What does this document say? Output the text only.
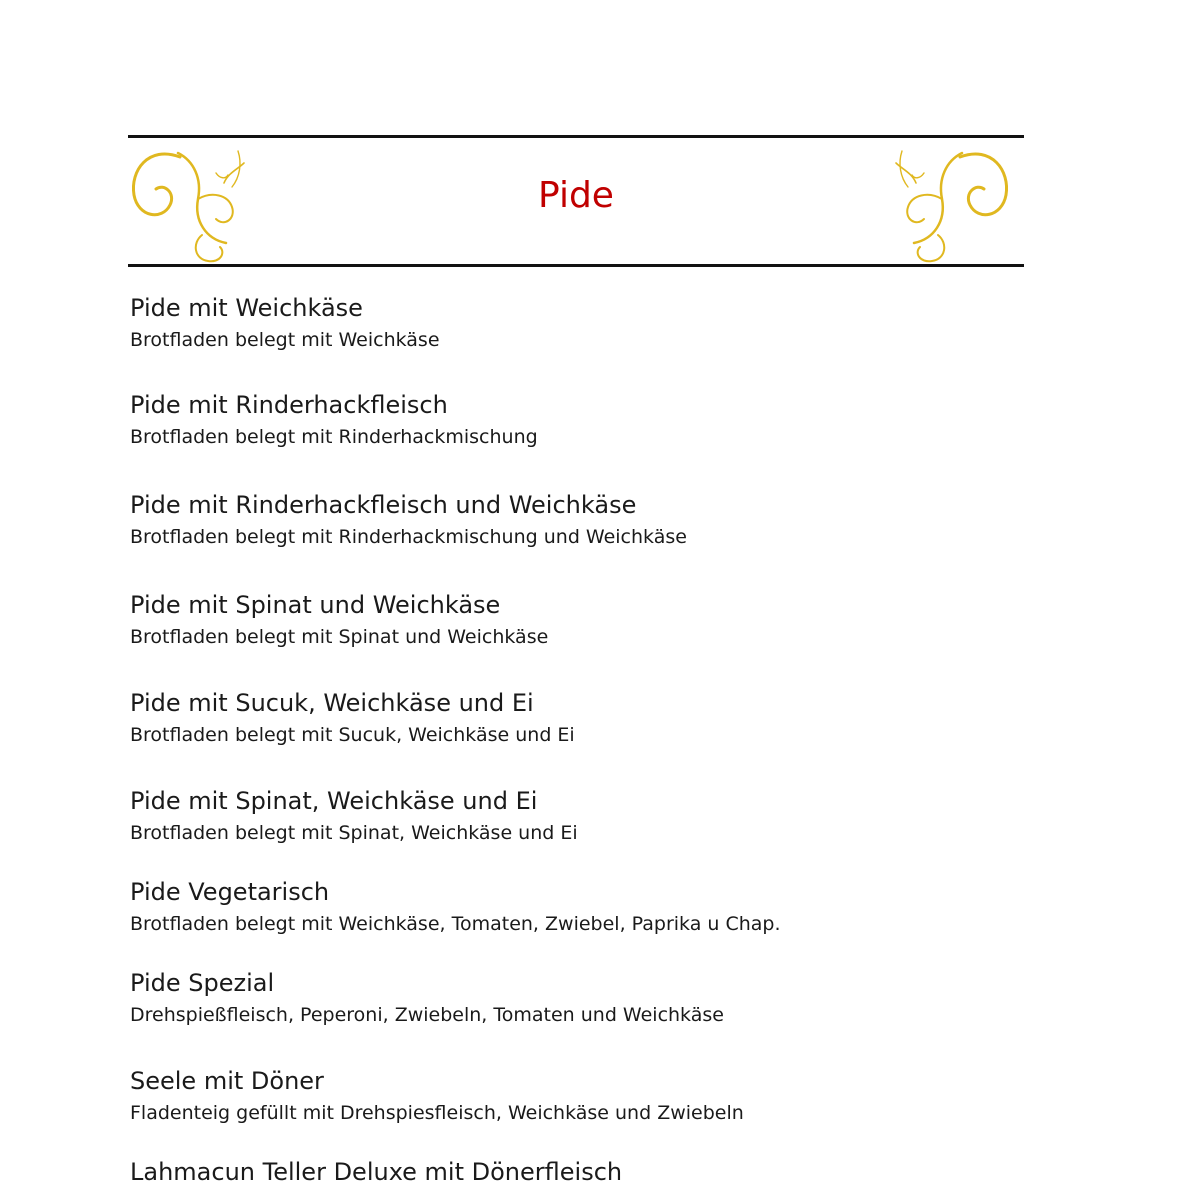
Pide
Pide mit Weichkäse
Brotfladen belegt mit Weichkäse
Pide mit Rinderhackfleisch
Brotfladen belegt mit Rinderhackmischung
Pide mit Rinderhackfleisch und Weichkäse
Brotfladen belegt mit Rinderhackmischung und Weichkäse
Pide mit Spinat und Weichkäse
Brotfladen belegt mit Spinat und Weichkäse
Pide mit Sucuk, Weichkäse und Ei
Brotfladen belegt mit Sucuk, Weichkäse und Ei
Pide mit Spinat, Weichkäse und Ei
Brotfladen belegt mit Spinat, Weichkäse und Ei
Pide Vegetarisch
Brotfladen belegt mit Weichkäse, Tomaten, Zwiebel, Paprika u Chap.
Pide Spezial
Drehspießfleisch, Peperoni, Zwiebeln, Tomaten und Weichkäse
Seele mit Döner
Fladenteig gefüllt mit Drehspiesfleisch, Weichkäse und Zwiebeln
Lahmacun Teller Deluxe mit Dönerfleisch
